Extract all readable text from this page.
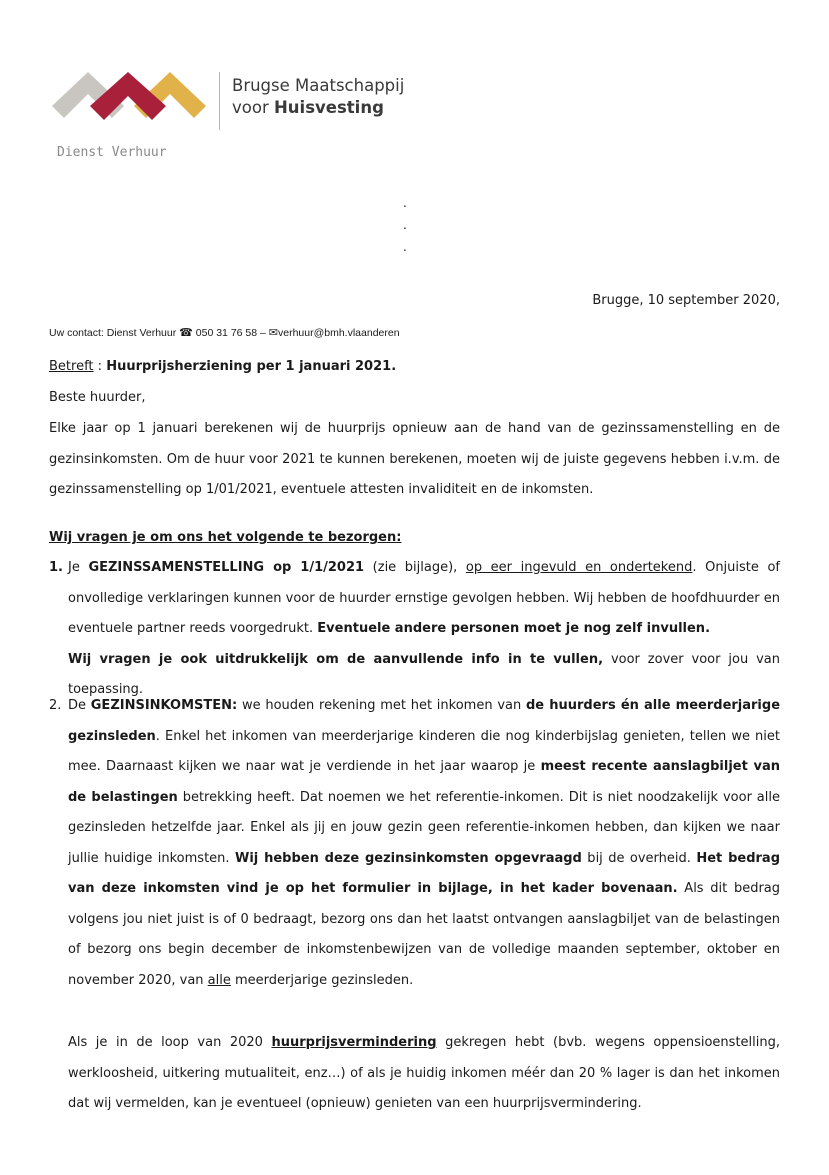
Brugse Maatschappij
voor Huisvesting
Dienst Verhuur
.
.
.
Brugge, 10 september 2020,
Uw contact: Dienst Verhuur ☎ 050 31 76 58 – ✉verhuur@bmh.vlaanderen
Betreft : Huurprijsherziening per 1 januari 2021.
Beste huurder,
Elke jaar op 1 januari berekenen wij de huurprijs opnieuw aan de hand van de gezinssamenstelling en de gezinsinkomsten. Om de huur voor 2021 te kunnen berekenen, moeten wij de juiste gegevens hebben i.v.m. de gezinssamenstelling op 1/01/2021, eventuele attesten invaliditeit en de inkomsten.
Wij vragen je om ons het volgende te bezorgen:
1. Je GEZINSSAMENSTELLING op 1/1/2021 (zie bijlage), op eer ingevuld en ondertekend. Onjuiste of onvolledige verklaringen kunnen voor de huurder ernstige gevolgen hebben. Wij hebben de hoofdhuurder en eventuele partner reeds voorgedrukt. Eventuele andere personen moet je nog zelf invullen.
Wij vragen je ook uitdrukkelijk om de aanvullende info in te vullen, voor zover voor jou van toepassing.
2. De GEZINSINKOMSTEN: we houden rekening met het inkomen van de huurders én alle meerderjarige gezinsleden. Enkel het inkomen van meerderjarige kinderen die nog kinderbijslag genieten, tellen we niet mee. Daarnaast kijken we naar wat je verdiende in het jaar waarop je meest recente aanslagbiljet van de belastingen betrekking heeft. Dat noemen we het referentie-inkomen. Dit is niet noodzakelijk voor alle gezinsleden hetzelfde jaar. Enkel als jij en jouw gezin geen referentie-inkomen hebben, dan kijken we naar jullie huidige inkomsten. Wij hebben deze gezinsinkomsten opgevraagd bij de overheid. Het bedrag van deze inkomsten vind je op het formulier in bijlage, in het kader bovenaan. Als dit bedrag volgens jou niet juist is of 0 bedraagt, bezorg ons dan het laatst ontvangen aanslagbiljet van de belastingen of bezorg ons begin december de inkomstenbewijzen van de volledige maanden september, oktober en november 2020, van alle meerderjarige gezinsleden.
Als je in de loop van 2020 huurprijsvermindering gekregen hebt (bvb. wegens oppensioenstelling, werkloosheid, uitkering mutualiteit, enz…) of als je huidig inkomen méér dan 20 % lager is dan het inkomen dat wij vermelden, kan je eventueel (opnieuw) genieten van een huurprijsvermindering.
